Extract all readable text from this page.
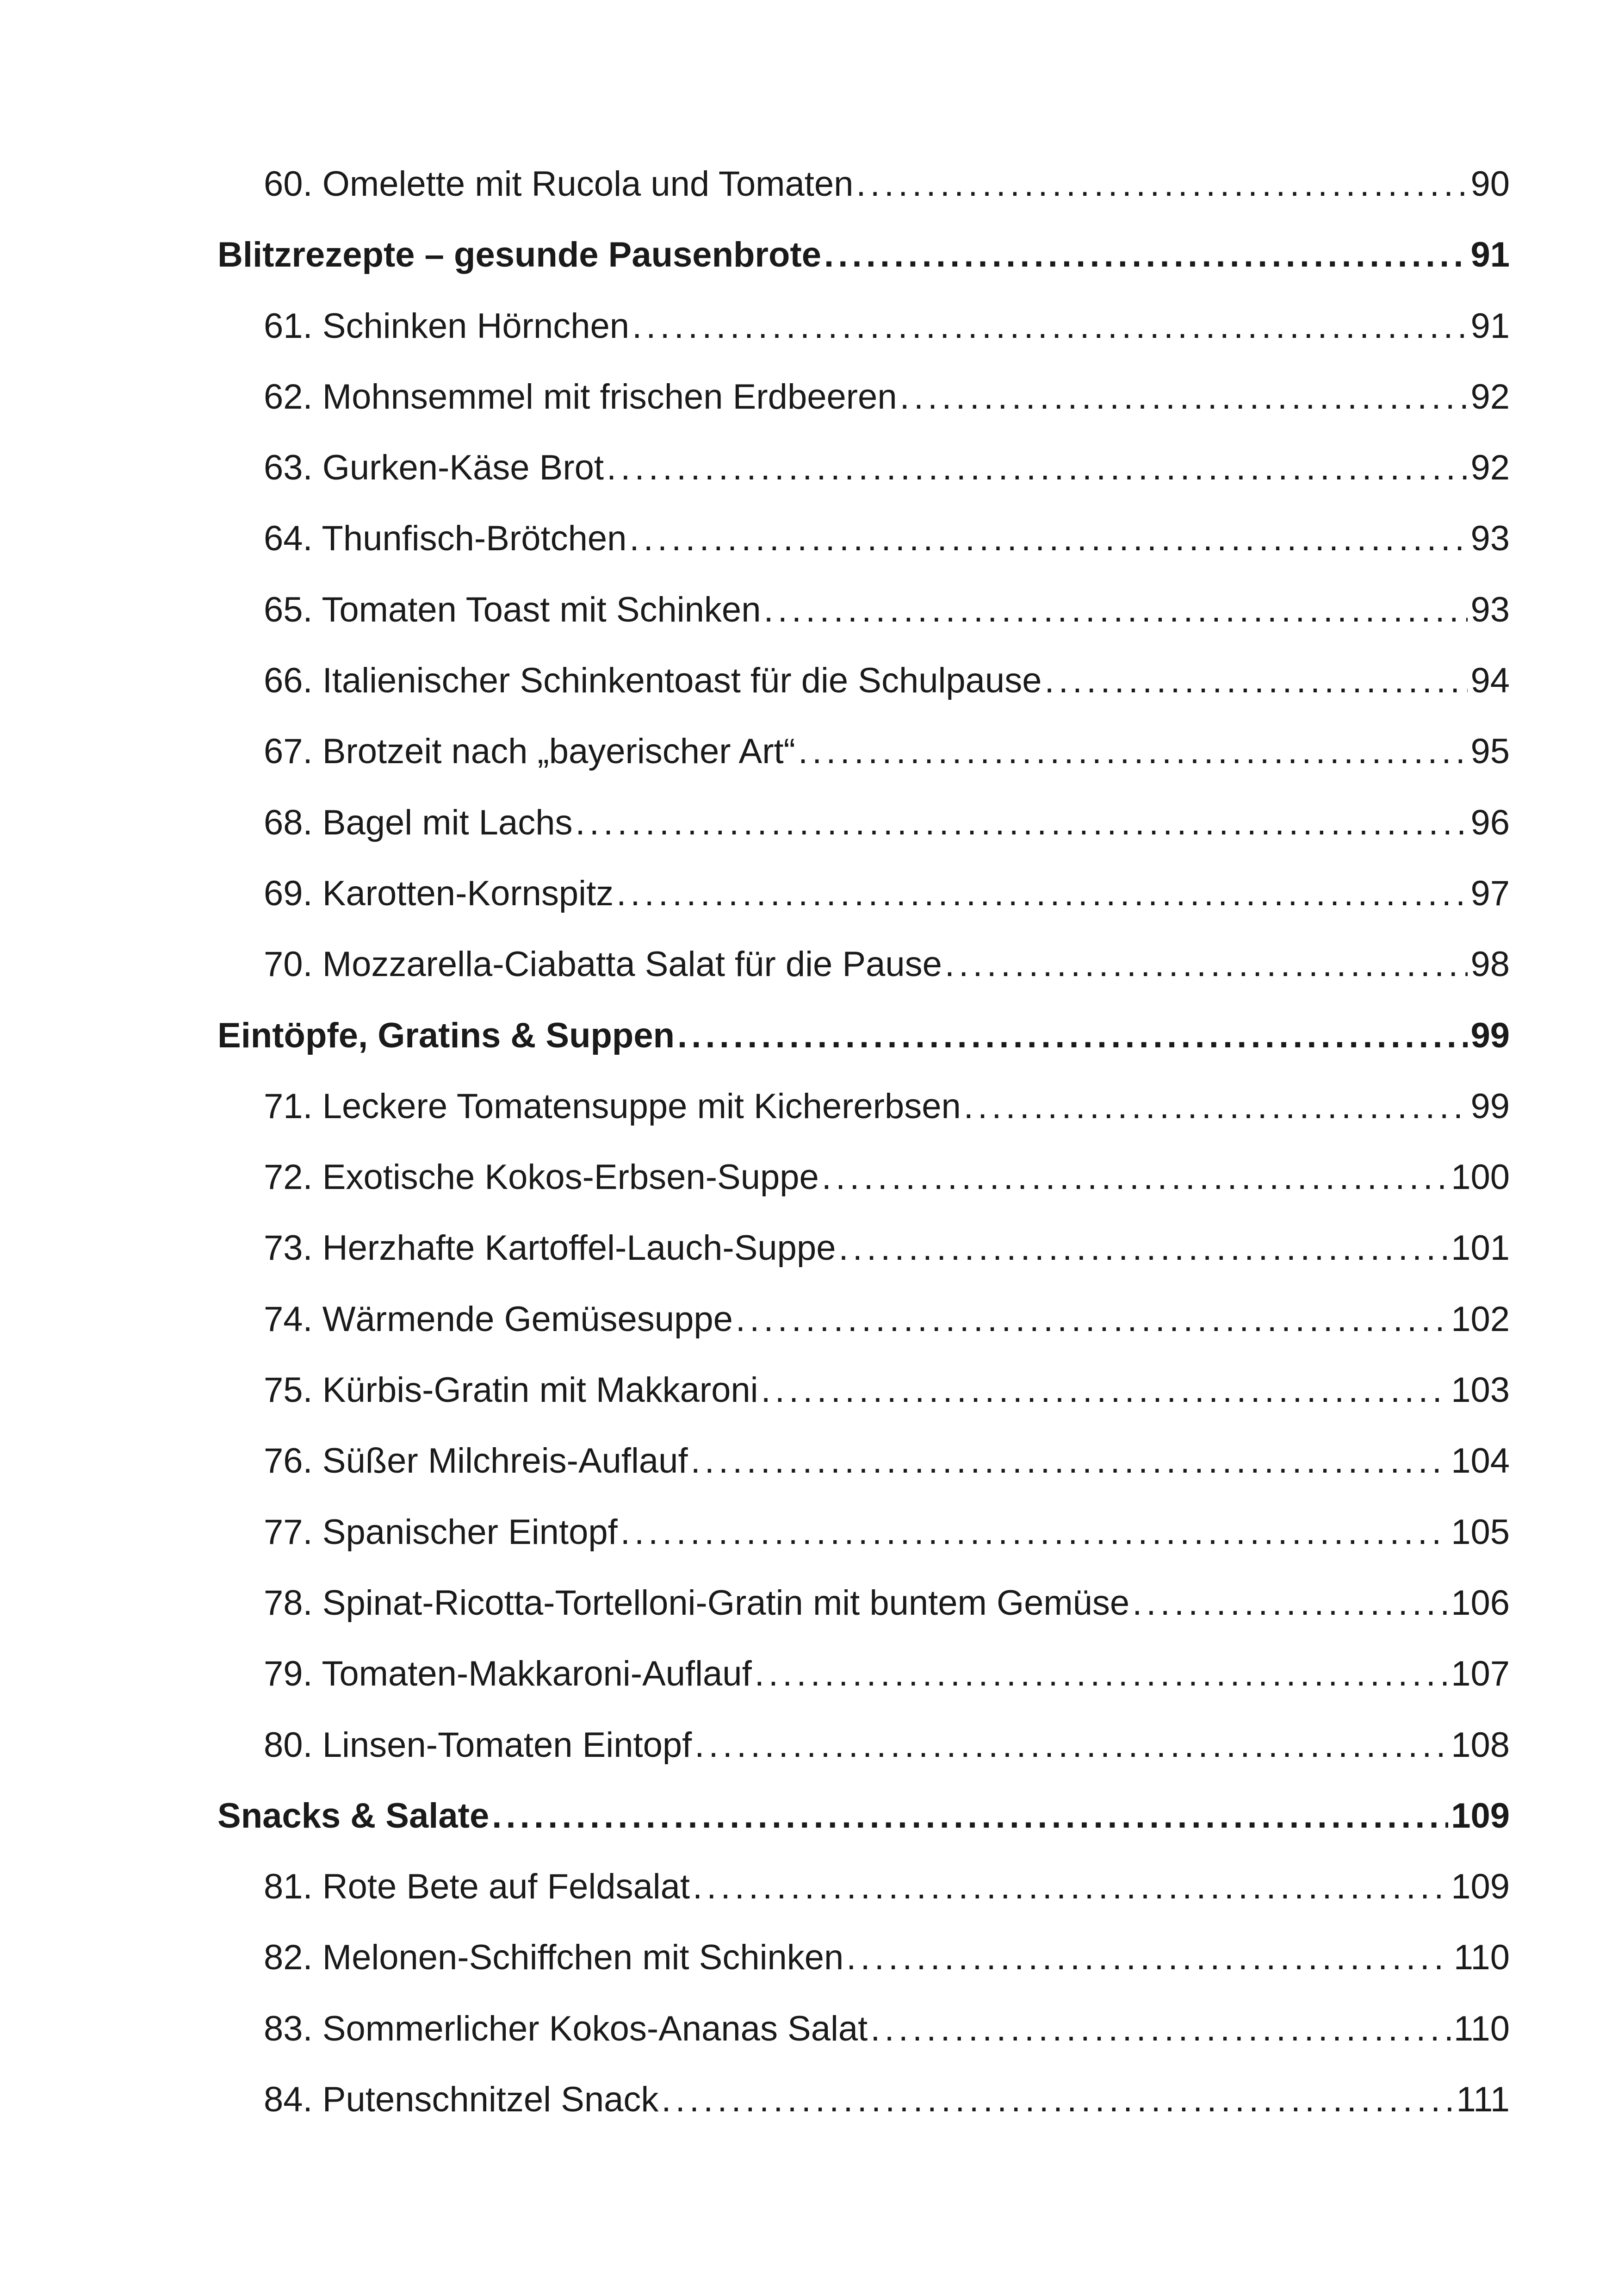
60. Omelette mit Rucola und Tomaten . . .	90
Blitzrezepte – gesunde Pausenbrote . . .	91
61. Schinken Hörnchen . . .	91
62. Mohnsemmel mit frischen Erdbeeren . . .	92
63. Gurken-Käse Brot . . .	92
64. Thunfisch-Brötchen . . .	93
65. Tomaten Toast mit Schinken . . .	93
66. Italienischer Schinkentoast für die Schulpause . . .	94
67. Brotzeit nach „bayerischer Art“ . . .	95
68. Bagel mit Lachs . . .	96
69. Karotten-Kornspitz . . .	97
70. Mozzarella-Ciabatta Salat für die Pause . . .	98
Eintöpfe, Gratins & Suppen . . .	99
71. Leckere Tomatensuppe mit Kichererbsen . . .	99
72. Exotische Kokos-Erbsen-Suppe . . .	100
73. Herzhafte Kartoffel-Lauch-Suppe . . .	101
74. Wärmende Gemüsesuppe . . .	102
75. Kürbis-Gratin mit Makkaroni . . .	103
76. Süßer Milchreis-Auflauf . . .	104
77. Spanischer Eintopf . . .	105
78. Spinat-Ricotta-Tortelloni-Gratin mit buntem Gemüse . . .	106
79. Tomaten-Makkaroni-Auflauf . . .	107
80. Linsen-Tomaten Eintopf . . .	108
Snacks & Salate . . .	109
81. Rote Bete auf Feldsalat . . .	109
82. Melonen-Schiffchen mit Schinken . . .	110
83. Sommerlicher Kokos-Ananas Salat . . .	110
84. Putenschnitzel Snack . . .	111
